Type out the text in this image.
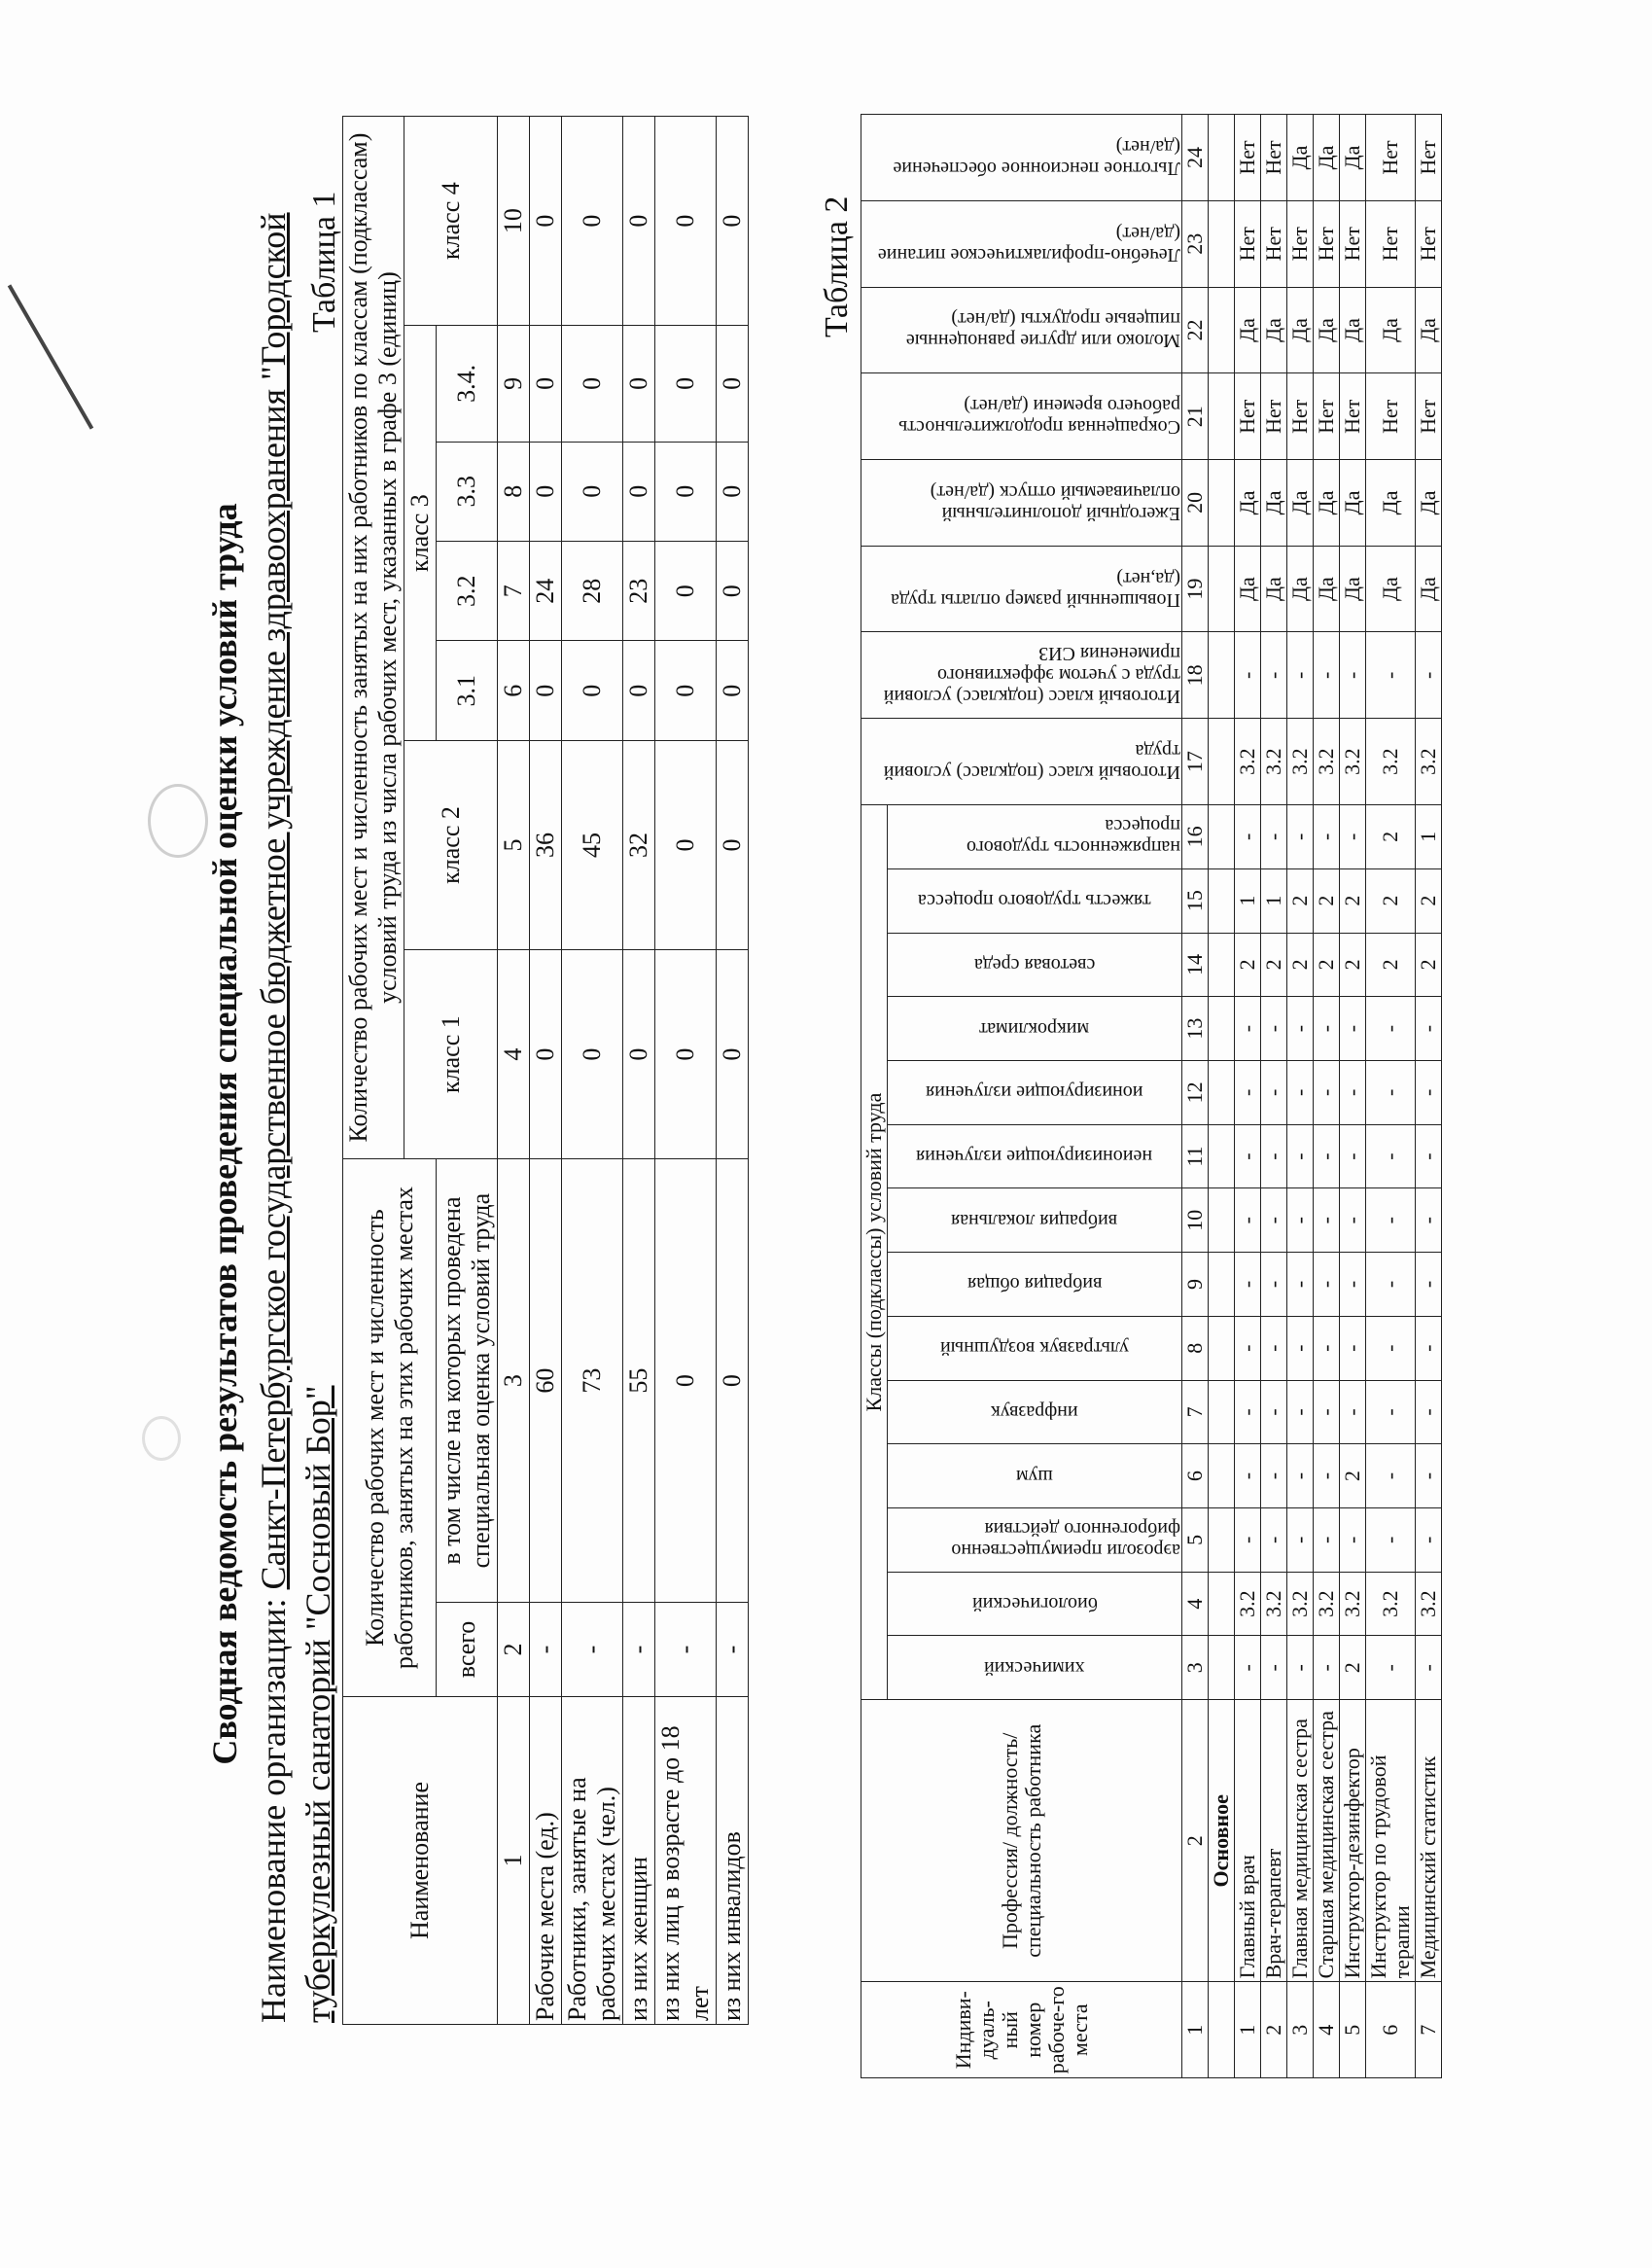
Сводная ведомость результатов проведения специальной оценки условий труда
Наименование организации: Санкт-Петербургское государственное бюджетное учреждение здравоохранения "Городской туберкулезный санаторий "Сосновый Бор"
Таблица 1
Наименование	Количество рабочих мест и численность работников, занятых на этих рабочих местах		Количество рабочих мест и численность занятых на них работников по классам (подклассам) условий труда из числа рабочих мест, указанных в графе 3 (единиц)						
			класс 1	класс 2	класс 3				класс 4
	всего	в том числе на которых проведена специальная оценка условий труда			3.1	3.2	3.3	3.4.	
1	2	3	4	5	6	7	8	9	10
Рабочие места (ед.)	-	60	0	36	0	24	0	0	0
Работники, занятые на рабочих местах (чел.)	-	73	0	45	0	28	0	0	0
из них женщин	-	55	0	32	0	23	0	0	0
из них лиц в возрасте до 18 лет	-	0	0	0	0	0	0	0	0
из них инвалидов	-	0	0	0	0	0	0	0	0 Таблица 2
Индиви-дуаль-ный номер рабоче-го места	Профессия/ должность/ специальность работника	Классы (подклассы) условий труда														Итоговый класс (подкласс) условий труда	Итоговый класс (подкласс) условий труда с учетом эффективного применения СИЗ	Повышенный размер оплаты труда (да,нет)	Ежегодный дополнительный оплачиваемый отпуск (да/нет)	Сокращенная продолжительность рабочего времени (да/нет)	Молоко или другие равноценные пищевые продукты (да/нет)	Лечебно-профилактическое питание (да/нет)	Льготное пенсионное обеспечение (да/нет)

		химический	биологический	аэрозоли преимущественно фиброгенного действия	шум	инфразвук	ультразвук воздушный	вибрация общая	вибрация локальная	неионизирующие излучения	ионизирующие излучения	микроклимат	световая среда	тяжесть трудового процесса	напряженность трудового процесса								

1	2	3	4	5	6	7	8	9	10	11	12	13	14	15	16	17	18	19	20	21	22	23	24
	Основное																						
1	Главный врач	-	3.2	-	-	-	-	-	-	-	-	-	2	1	-	3.2	-	Да	Да	Нет	Да	Нет	Нет
2	Врач-терапевт	-	3.2	-	-	-	-	-	-	-	-	-	2	1	-	3.2	-	Да	Да	Нет	Да	Нет	Нет
3	Главная медицинская сестра	-	3.2	-	-	-	-	-	-	-	-	-	2	2	-	3.2	-	Да	Да	Нет	Да	Нет	Да
4	Старшая медицинская сестра	-	3.2	-	-	-	-	-	-	-	-	-	2	2	-	3.2	-	Да	Да	Нет	Да	Нет	Да
5	Инструктор-дезинфектор	2	3.2	-	2	-	-	-	-	-	-	-	2	2	-	3.2	-	Да	Да	Нет	Да	Нет	Да
6	Инструктор по трудовой терапии	-	3.2	-	-	-	-	-	-	-	-	-	2	2	2	3.2	-	Да	Да	Нет	Да	Нет	Нет
7	Медицинский статистик	-	3.2	-	-	-	-	-	-	-	-	-	2	2	1	3.2	-	Да	Да	Нет	Да	Нет	Нет
